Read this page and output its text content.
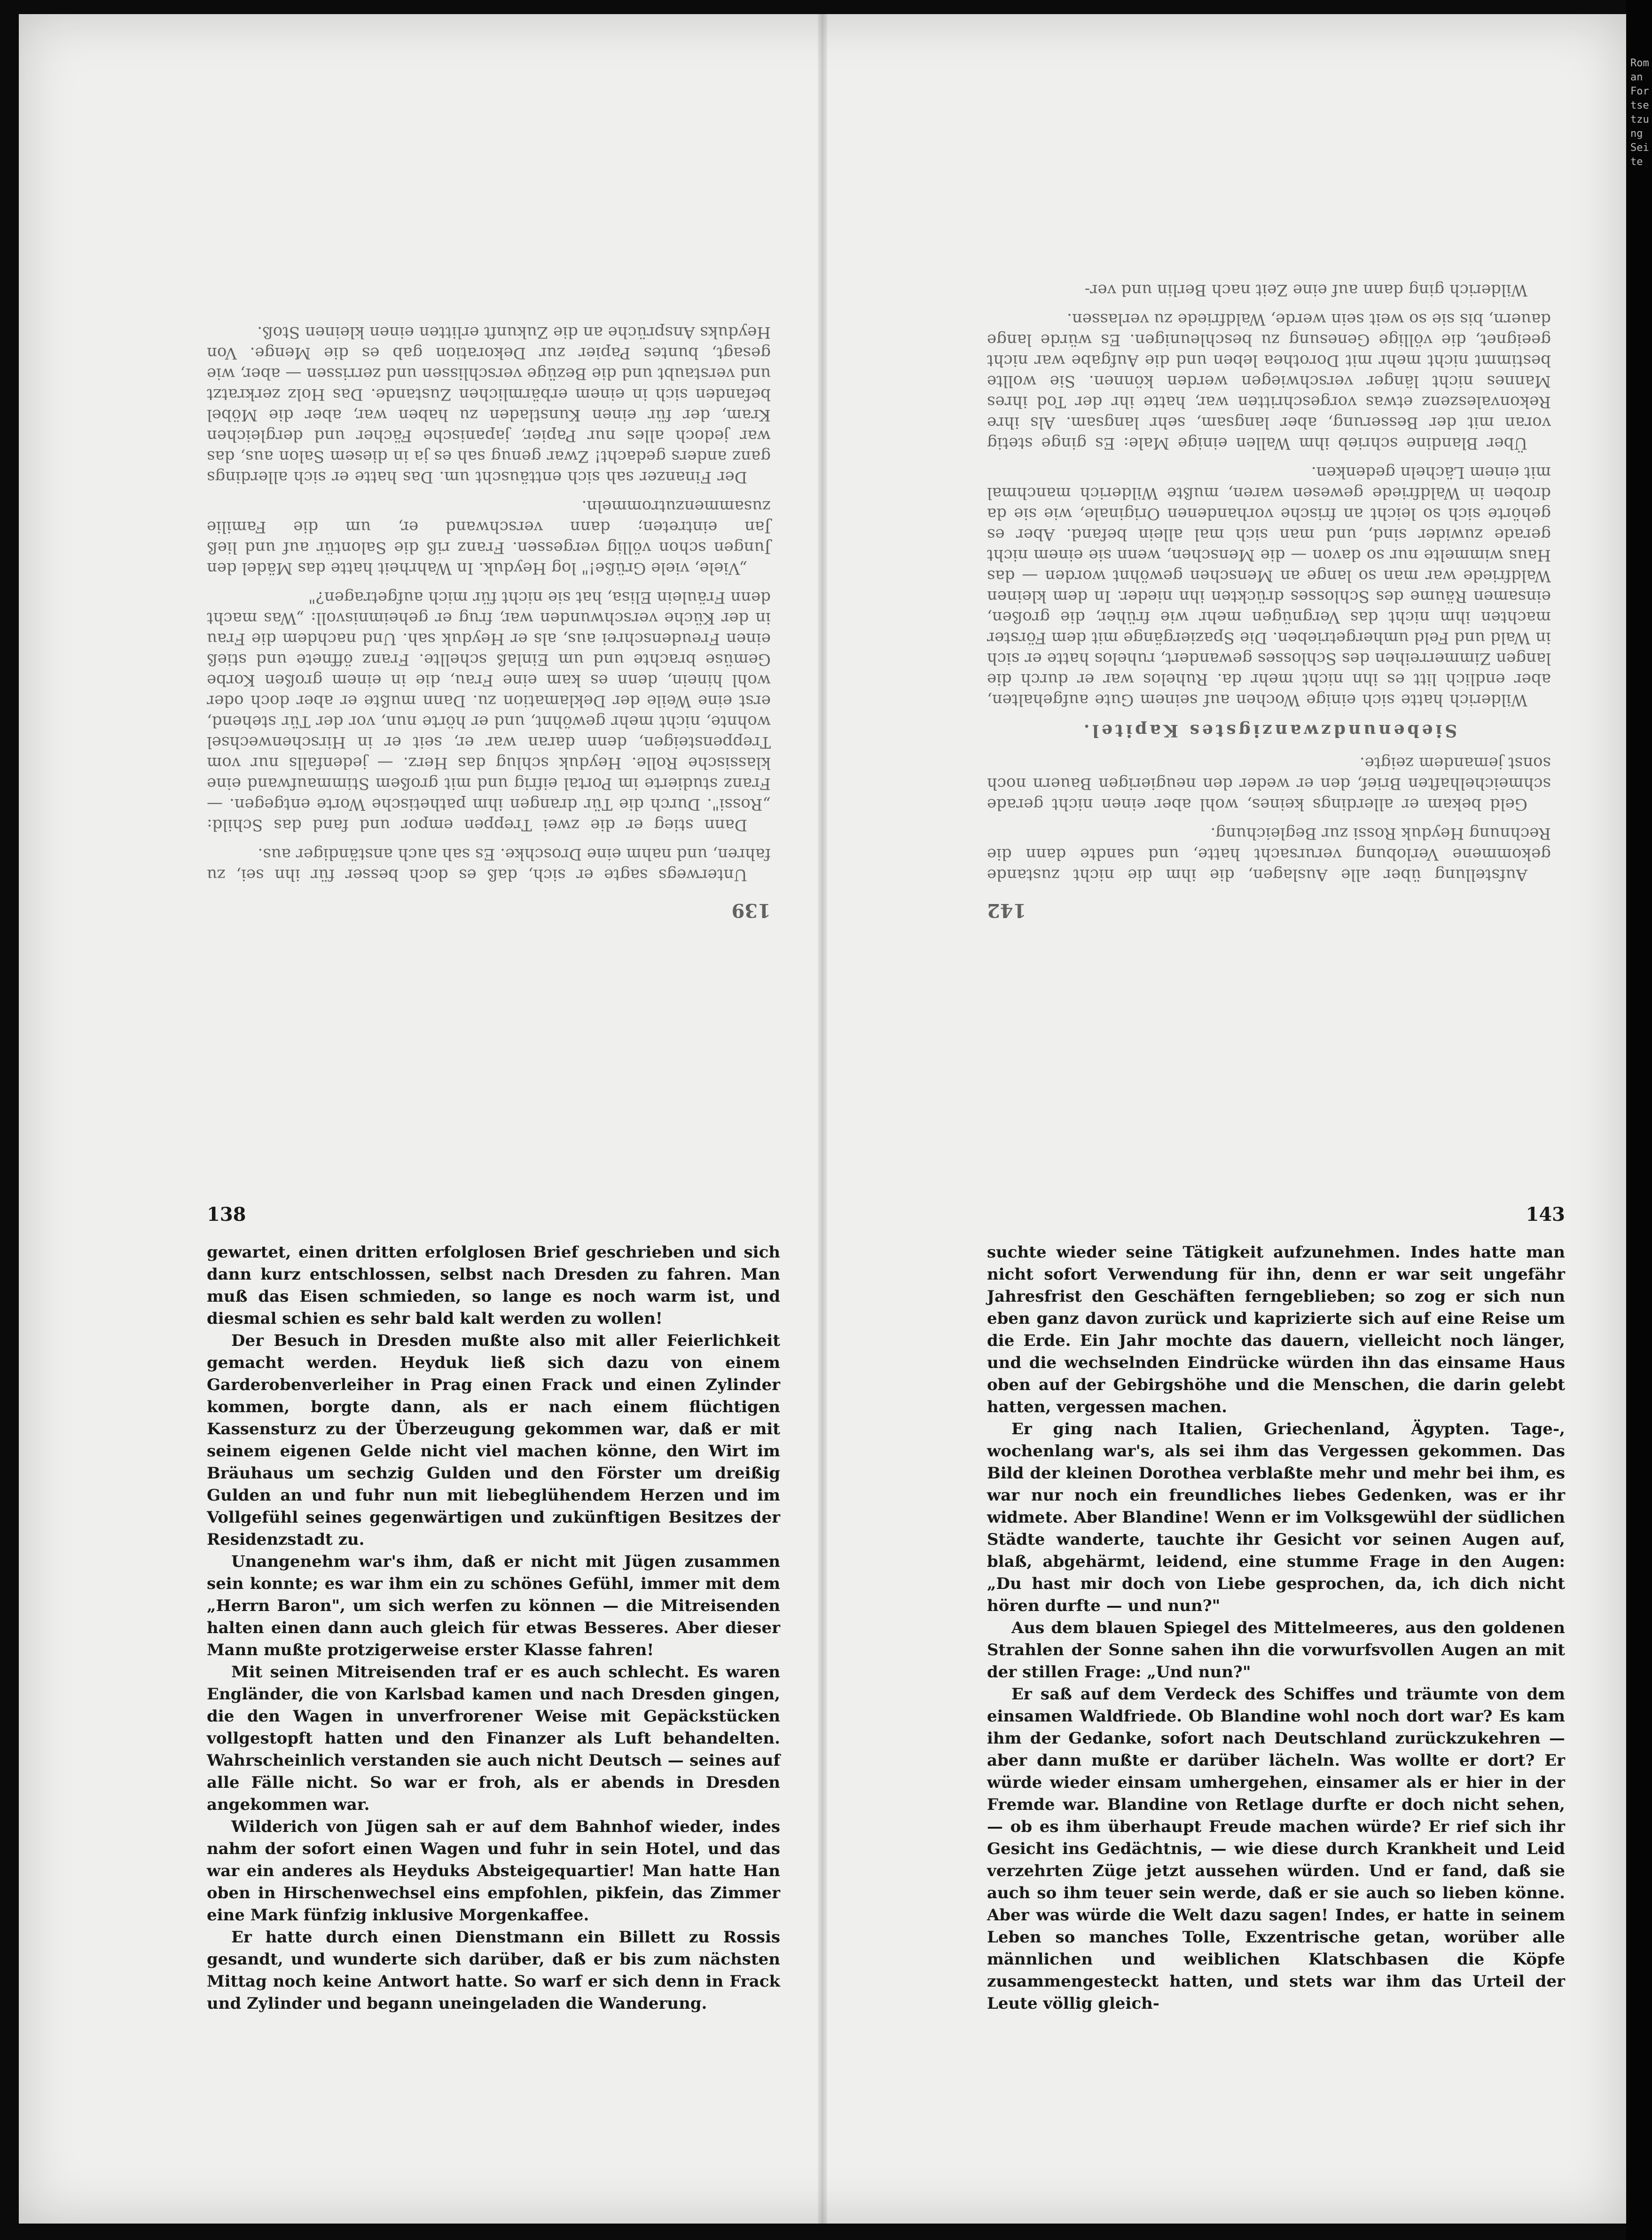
139

Unterwegs sagte er sich, daß es doch besser für ihn sei, zu fahren, und nahm eine Droschke. Es sah auch anständiger aus.

Dann stieg er die zwei Treppen empor und fand das Schild: „Rossi". Durch die Tür drangen ihm pathetische Worte entgegen. — Franz studierte im Portal eifrig und mit großem Stimmaufwand eine klassische Rolle. Heyduk schlug das Herz. — jedenfalls nur vom Treppensteigen, denn daran war er, seit er in Hirschenwechsel wohnte, nicht mehr gewöhnt, und er hörte nun, vor der Tür stehend, erst eine Weile der Deklamation zu. Dann mußte er aber doch oder wohl hinein, denn es kam eine Frau, die in einem großen Korbe Gemüse brachte und um Einlaß schellte. Franz öffnete und stieß einen Freudenschrei aus, als er Heyduk sah. Und nachdem die Frau in der Küche verschwunden war, frug er geheimnisvoll: „Was macht denn Fräulein Elisa, hat sie nicht für mich aufgetragen?"

„Viele, viele Grüße!" log Heyduk. In Wahrheit hatte das Mädel den Jungen schon völlig vergessen. Franz riß die Salontür auf und ließ Jan eintreten; dann verschwand er, um die Familie zusammenzutrommeln.

Der Finanzer sah sich enttäuscht um. Das hatte er sich allerdings ganz anders gedacht! Zwar genug sah es ja in diesem Salon aus, das war jedoch alles nur Papier, japanische Fächer und dergleichen Kram, der für einen Kunstladen zu haben war, aber die Möbel befanden sich in einem erbärmlichen Zustande. Das Holz zerkratzt und verstaubt und die Bezüge verschlissen und zerrissen — aber, wie gesagt, buntes Papier zur Dekoration gab es die Menge. Von Heyduks Ansprüche an die Zukunft erlitten einen kleinen Stoß.

142

Aufstellung über alle Auslagen, die ihm die nicht zustande gekommene Verlobung verursacht hatte, und sandte dann die Rechnung Heyduk Rossi zur Begleichung.

Geld bekam er allerdings keines, wohl aber einen nicht gerade schmeichelhaften Brief, den er weder den neugierigen Bauern noch sonst jemandem zeigte.

Siebenundzwanzigstes Kapitel.

Wilderich hatte sich einige Wochen auf seinem Gute aufgehalten, aber endlich litt es ihn nicht mehr da. Ruhelos war er durch die langen Zimmerreihen des Schlosses gewandert, ruhelos hatte er sich in Wald und Feld umhergetrieben. Die Spaziergänge mit dem Förster machten ihm nicht das Vergnügen mehr wie früher, die großen, einsamen Räume des Schlosses drückten ihn nieder. In dem kleinen Waldfriede war man so lange an Menschen gewöhnt worden — das Haus wimmelte nur so davon — die Menschen, wenn sie einem nicht gerade zuwider sind, und man sich mal allein befand. Aber es gehörte sich so leicht an frische vorhandenen Originale, wie sie da droben in Waldfriede gewesen waren, mußte Wilderich manchmal mit einem Lächeln gedenken.

Über Blandine schrieb ihm Wallen einige Male: Es ginge stetig voran mit der Besserung, aber langsam, sehr langsam. Als ihre Rekonvaleszenz etwas vorgeschritten war, hatte ihr der Tod ihres Mannes nicht länger verschwiegen werden können. Sie wollte bestimmt nicht mehr mit Dorothea leben und die Aufgabe war nicht geeignet, die völlige Genesung zu beschleunigen. Es würde lange dauern, bis sie so weit sein werde, Waldfriede zu verlassen.

Wilderich ging dann auf eine Zeit nach Berlin und ver-

138

gewartet, einen dritten erfolglosen Brief geschrieben und sich dann kurz entschlossen, selbst nach Dresden zu fahren. Man muß das Eisen schmieden, so lange es noch warm ist, und diesmal schien es sehr bald kalt werden zu wollen!

Der Besuch in Dresden mußte also mit aller Feierlichkeit gemacht werden. Heyduk ließ sich dazu von einem Garderobenverleiher in Prag einen Frack und einen Zylinder kommen, borgte dann, als er nach einem flüchtigen Kassensturz zu der Überzeugung gekommen war, daß er mit seinem eigenen Gelde nicht viel machen könne, den Wirt im Bräuhaus um sechzig Gulden und den Förster um dreißig Gulden an und fuhr nun mit liebeglühendem Herzen und im Vollgefühl seines gegenwärtigen und zukünftigen Besitzes der Residenzstadt zu.

Unangenehm war's ihm, daß er nicht mit Jügen zusammen sein konnte; es war ihm ein zu schönes Gefühl, immer mit dem „Herrn Baron", um sich werfen zu können — die Mitreisenden halten einen dann auch gleich für etwas Besseres. Aber dieser Mann mußte protzigerweise erster Klasse fahren!

Mit seinen Mitreisenden traf er es auch schlecht. Es waren Engländer, die von Karlsbad kamen und nach Dresden gingen, die den Wagen in unverfrorener Weise mit Gepäckstücken vollgestopft hatten und den Finanzer als Luft behandelten. Wahrscheinlich verstanden sie auch nicht Deutsch — seines auf alle Fälle nicht. So war er froh, als er abends in Dresden angekommen war.

Wilderich von Jügen sah er auf dem Bahnhof wieder, indes nahm der sofort einen Wagen und fuhr in sein Hotel, und das war ein anderes als Heyduks Absteigequartier! Man hatte Han oben in Hirschenwechsel eins empfohlen, pikfein, das Zimmer eine Mark fünfzig inklusive Morgenkaffee.

Er hatte durch einen Dienstmann ein Billett zu Rossis gesandt, und wunderte sich darüber, daß er bis zum nächsten Mittag noch keine Antwort hatte. So warf er sich denn in Frack und Zylinder und begann uneingeladen die Wanderung.

143

suchte wieder seine Tätigkeit aufzunehmen. Indes hatte man nicht sofort Verwendung für ihn, denn er war seit ungefähr Jahresfrist den Geschäften ferngeblieben; so zog er sich nun eben ganz davon zurück und kaprizierte sich auf eine Reise um die Erde. Ein Jahr mochte das dauern, vielleicht noch länger, und die wechselnden Eindrücke würden ihn das einsame Haus oben auf der Gebirgshöhe und die Menschen, die darin gelebt hatten, vergessen machen.

Er ging nach Italien, Griechenland, Ägypten. Tage-, wochenlang war's, als sei ihm das Vergessen gekommen. Das Bild der kleinen Dorothea verblaßte mehr und mehr bei ihm, es war nur noch ein freundliches liebes Gedenken, was er ihr widmete. Aber Blandine! Wenn er im Volksgewühl der südlichen Städte wanderte, tauchte ihr Gesicht vor seinen Augen auf, blaß, abgehärmt, leidend, eine stumme Frage in den Augen: „Du hast mir doch von Liebe gesprochen, da, ich dich nicht hören durfte — und nun?"

Aus dem blauen Spiegel des Mittelmeeres, aus den goldenen Strahlen der Sonne sahen ihn die vorwurfsvollen Augen an mit der stillen Frage: „Und nun?"

Er saß auf dem Verdeck des Schiffes und träumte von dem einsamen Waldfriede. Ob Blandine wohl noch dort war? Es kam ihm der Gedanke, sofort nach Deutschland zurückzukehren — aber dann mußte er darüber lächeln. Was wollte er dort? Er würde wieder einsam umhergehen, einsamer als er hier in der Fremde war. Blandine von Retlage durfte er doch nicht sehen, — ob es ihm überhaupt Freude machen würde? Er rief sich ihr Gesicht ins Gedächtnis, — wie diese durch Krankheit und Leid verzehrten Züge jetzt aussehen würden. Und er fand, daß sie auch so ihm teuer sein werde, daß er sie auch so lieben könne. Aber was würde die Welt dazu sagen! Indes, er hatte in seinem Leben so manches Tolle, Exzentrische getan, worüber alle männlichen und weiblichen Klatschbasen die Köpfe zusammengesteckt hatten, und stets war ihm das Urteil der Leute völlig gleich-

Roman Fortsetzung Seite
